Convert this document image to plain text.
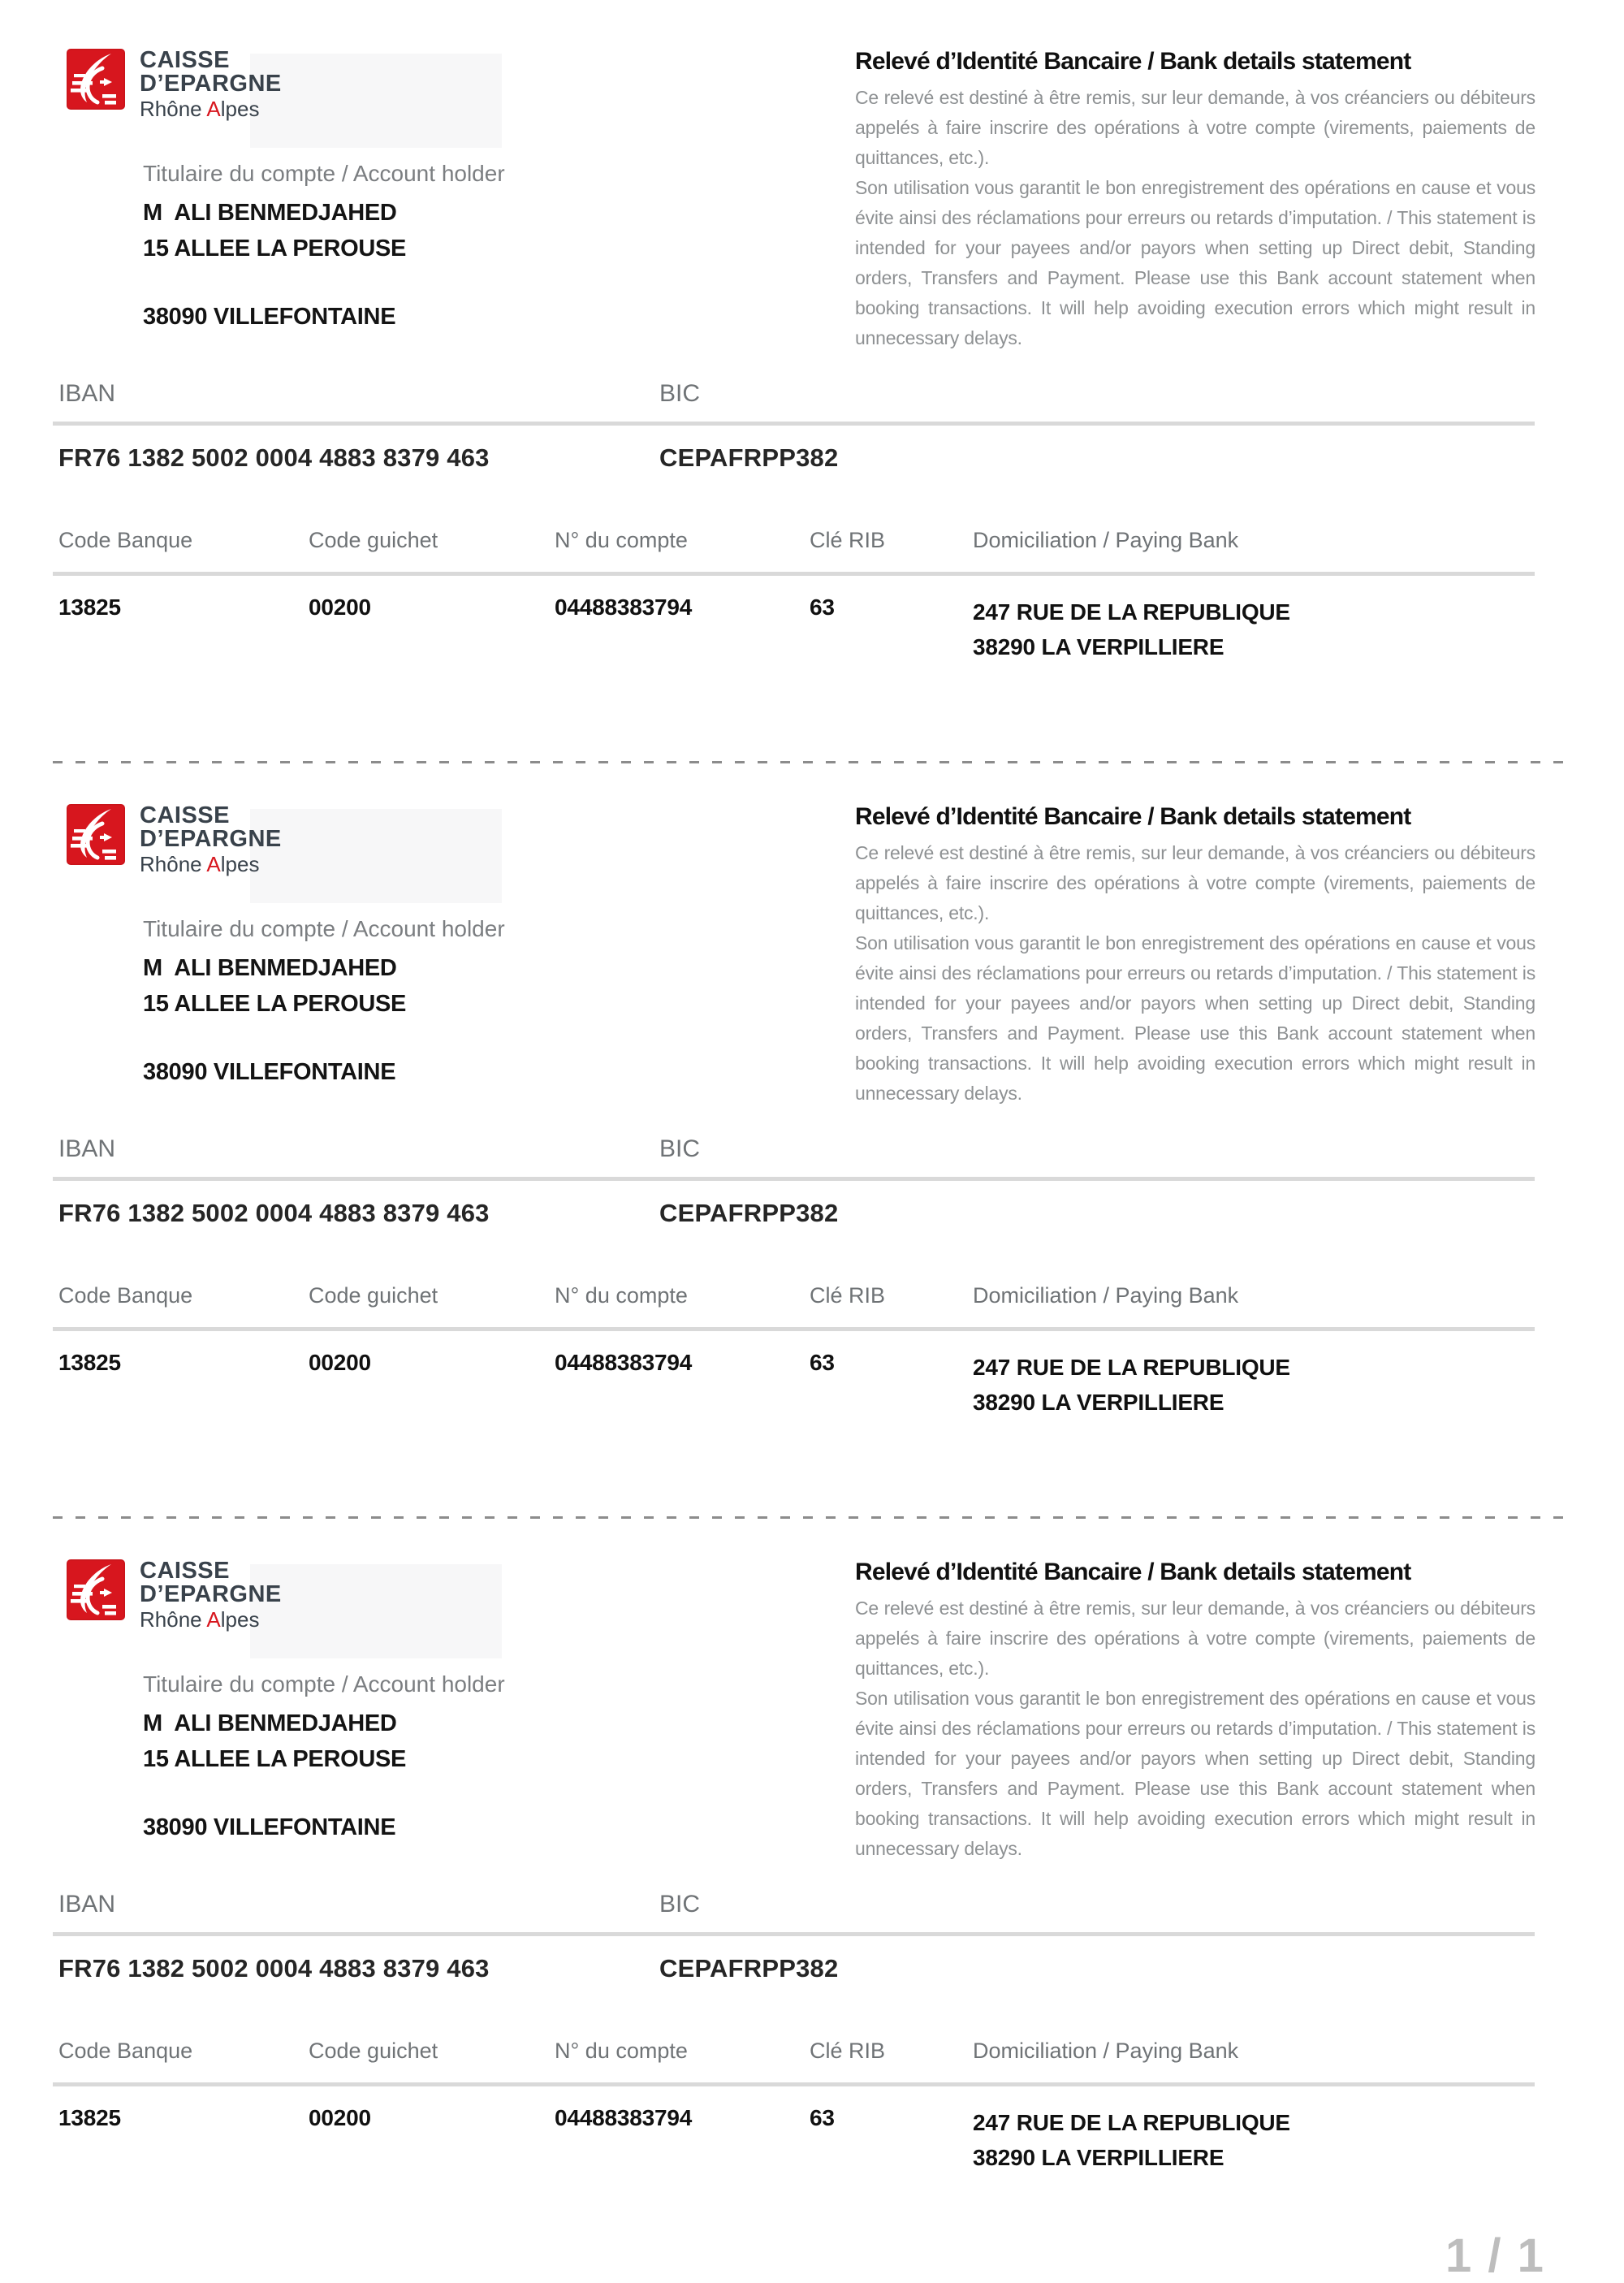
CAISSE
D’EPARGNE
Rhône Alpes
Titulaire du compte / Account holder
M  ALI BENMEDJAHED
15 ALLEE LA PEROUSE
38090 VILLEFONTAINE
Relevé d’Identité Bancaire / Bank details statement

Ce relevé est destiné à être remis, sur leur demande, à vos créanciers ou débiteurs appelés à faire inscrire des opérations à votre compte (virements, paiements de quittances, etc.).

Son utilisation vous garantit le bon enregistrement des opérations en cause et vous évite ainsi des réclamations pour erreurs ou retards d’imputation. / This statement is intended for your payees and/or payors when setting up Direct debit, Standing orders, Transfers and Payment. Please use this Bank account statement when booking transactions. It will help avoiding execution errors which might result in unnecessary delays.

IBAN	BIC
FR76 1382 5002 0004 4883 8379 463	CEPAFRPP382
Code Banque	Code guichet	N° du compte	Clé RIB	Domiciliation / Paying Bank
13825	00200	04488383794	63	247 RUE DE LA REPUBLIQUE
38290 LA VERPILLIERE
CAISSE
D’EPARGNE
Rhône Alpes
Titulaire du compte / Account holder
M  ALI BENMEDJAHED
15 ALLEE LA PEROUSE
38090 VILLEFONTAINE
Relevé d’Identité Bancaire / Bank details statement

Ce relevé est destiné à être remis, sur leur demande, à vos créanciers ou débiteurs appelés à faire inscrire des opérations à votre compte (virements, paiements de quittances, etc.).

Son utilisation vous garantit le bon enregistrement des opérations en cause et vous évite ainsi des réclamations pour erreurs ou retards d’imputation. / This statement is intended for your payees and/or payors when setting up Direct debit, Standing orders, Transfers and Payment. Please use this Bank account statement when booking transactions. It will help avoiding execution errors which might result in unnecessary delays.

IBAN	BIC
FR76 1382 5002 0004 4883 8379 463	CEPAFRPP382
Code Banque	Code guichet	N° du compte	Clé RIB	Domiciliation / Paying Bank
13825	00200	04488383794	63	247 RUE DE LA REPUBLIQUE
38290 LA VERPILLIERE
CAISSE
D’EPARGNE
Rhône Alpes
Titulaire du compte / Account holder
M  ALI BENMEDJAHED
15 ALLEE LA PEROUSE
38090 VILLEFONTAINE
Relevé d’Identité Bancaire / Bank details statement

Ce relevé est destiné à être remis, sur leur demande, à vos créanciers ou débiteurs appelés à faire inscrire des opérations à votre compte (virements, paiements de quittances, etc.).

Son utilisation vous garantit le bon enregistrement des opérations en cause et vous évite ainsi des réclamations pour erreurs ou retards d’imputation. / This statement is intended for your payees and/or payors when setting up Direct debit, Standing orders, Transfers and Payment. Please use this Bank account statement when booking transactions. It will help avoiding execution errors which might result in unnecessary delays.

IBAN	BIC
FR76 1382 5002 0004 4883 8379 463	CEPAFRPP382
Code Banque	Code guichet	N° du compte	Clé RIB	Domiciliation / Paying Bank
13825	00200	04488383794	63	247 RUE DE LA REPUBLIQUE
38290 LA VERPILLIERE
1 / 1
